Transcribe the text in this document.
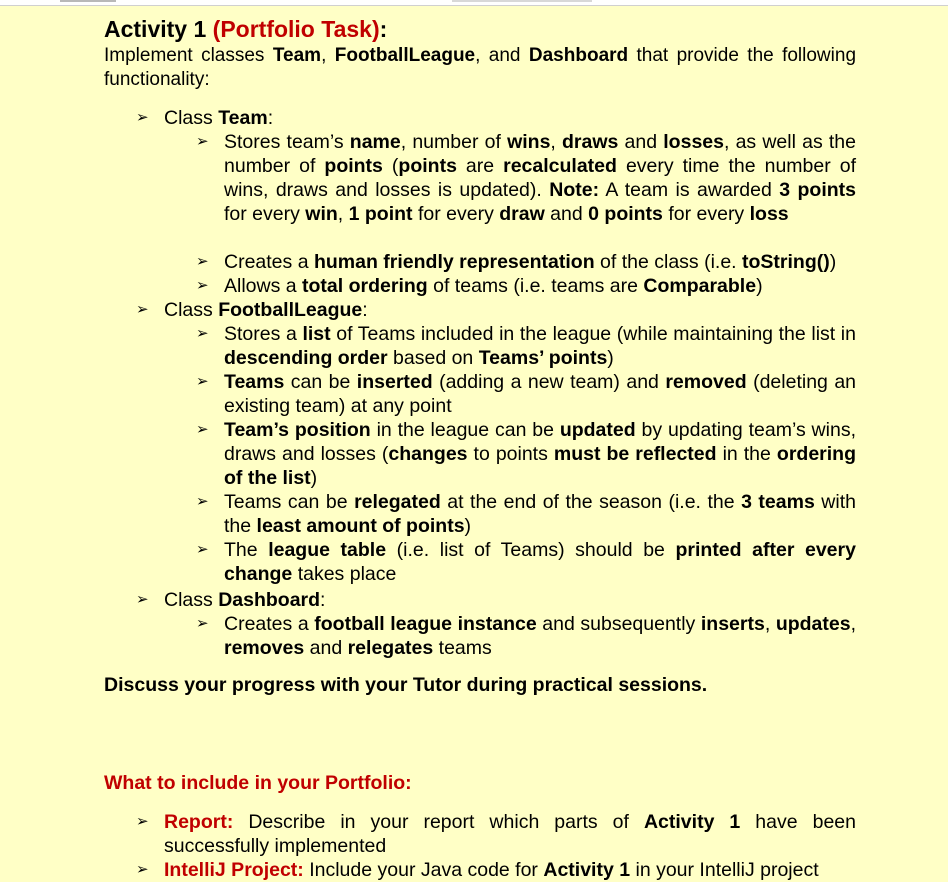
Activity 1 (Portfolio Task):
Implement classes Team, FootballLeague, and Dashboard that provide the following functionality:
➢ Class Team:
➢ Stores team’s name, number of wins, draws and losses, as well as the number of points (points are recalculated every time the number of wins, draws and losses is updated). Note: A team is awarded 3 points for every win, 1 point for every draw and 0 points for every loss
➢ Creates a human friendly representation of the class (i.e. toString())
➢ Allows a total ordering of teams (i.e. teams are Comparable)
➢ Class FootballLeague:
➢ Stores a list of Teams included in the league (while maintaining the list in descending order based on Teams’ points)
➢ Teams can be inserted (adding a new team) and removed (deleting an existing team) at any point
➢ Team’s position in the league can be updated by updating team’s wins, draws and losses (changes to points must be reflected in the ordering of the list)
➢ Teams can be relegated at the end of the season (i.e. the 3 teams with the least amount of points)
➢ The league table (i.e. list of Teams) should be printed after every change takes place
➢ Class Dashboard:
➢ Creates a football league instance and subsequently inserts, updates, removes and relegates teams
Discuss your progress with your Tutor during practical sessions.
What to include in your Portfolio:
➢ Report: Describe in your report which parts of Activity 1 have been successfully implemented
➢ IntelliJ Project: Include your Java code for Activity 1 in your IntelliJ project
